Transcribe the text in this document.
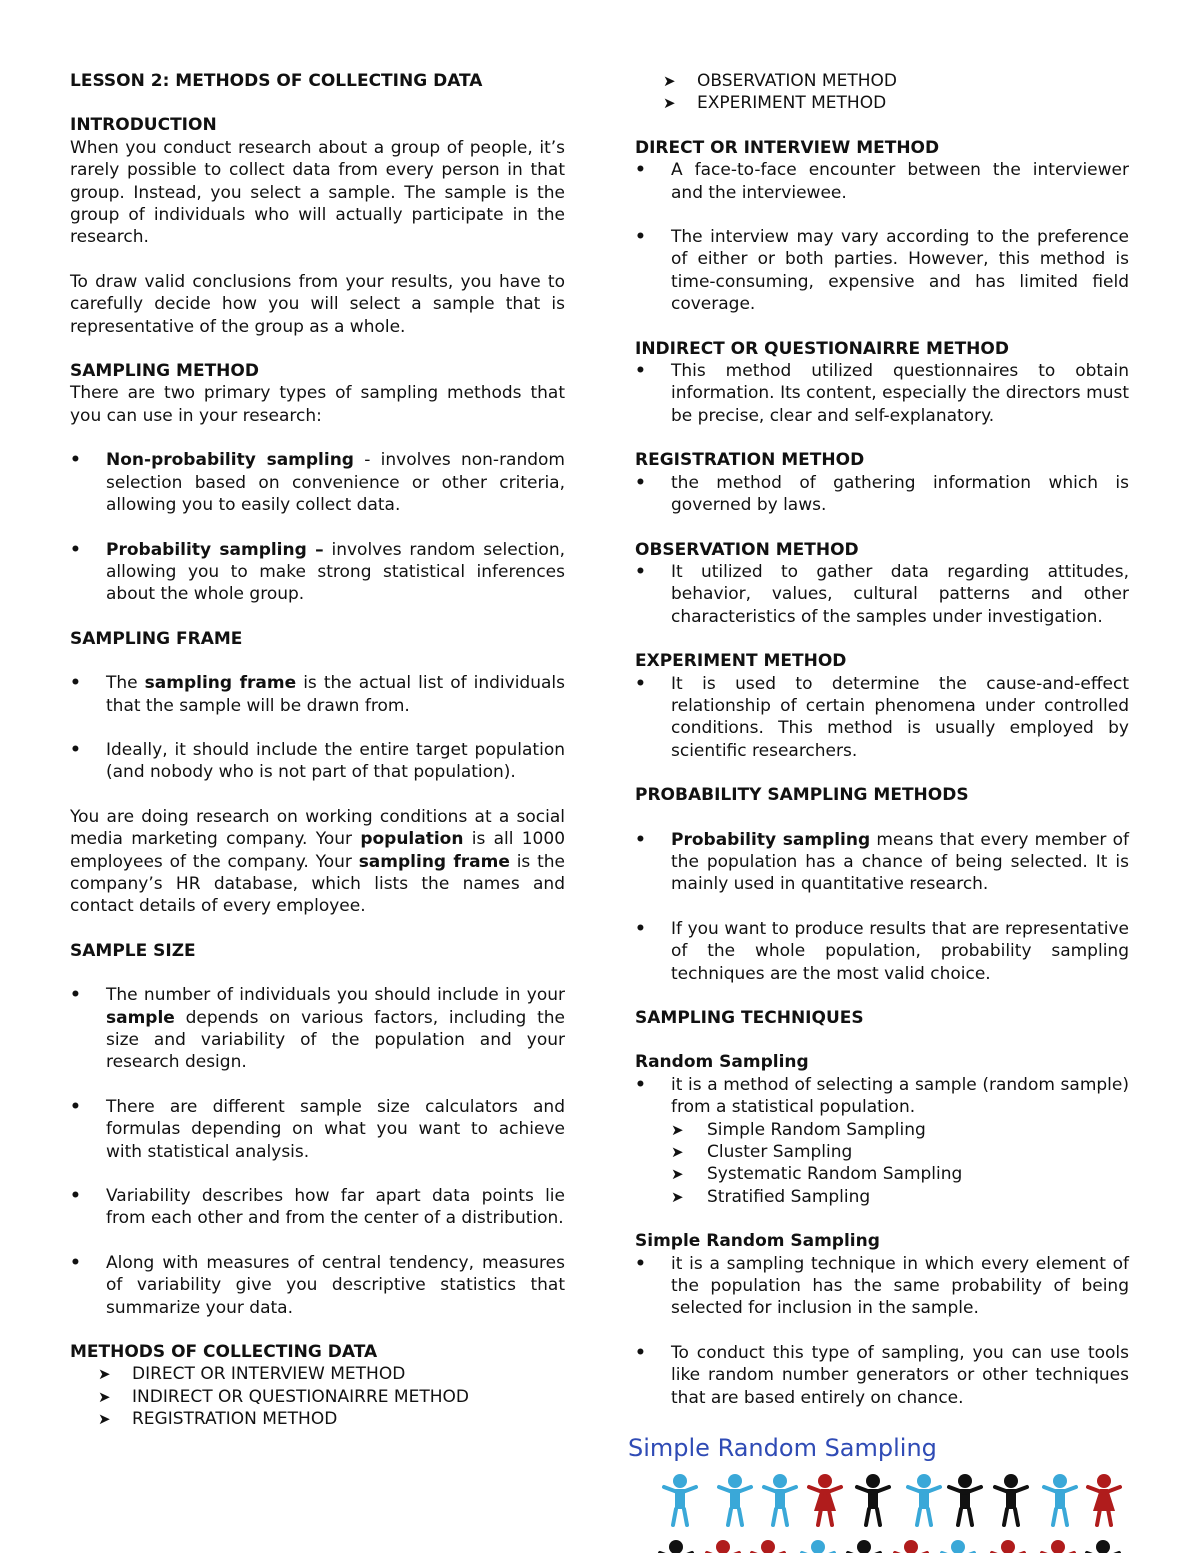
LESSON 2: METHODS OF COLLECTING DATA

INTRODUCTION

When you conduct research about a group of people, it’s rarely possible to collect data from every person in that group. Instead, you select a sample. The sample is the group of individuals who will actually participate in the research.

To draw valid conclusions from your results, you have to carefully decide how you will select a sample that is representative of the group as a whole.

SAMPLING METHOD

There are two primary types of sampling methods that you can use in your research:

• Non-probability sampling - involves non-random selection based on convenience or other criteria, allowing you to easily collect data.
• Probability sampling – involves random selection, allowing you to make strong statistical inferences about the whole group.

SAMPLING FRAME

• The sampling frame is the actual list of individuals that the sample will be drawn from.
• Ideally, it should include the entire target population (and nobody who is not part of that population).

You are doing research on working conditions at a social media marketing company. Your population is all 1000 employees of the company. Your sampling frame is the company’s HR database, which lists the names and contact details of every employee.

SAMPLE SIZE

• The number of individuals you should include in your sample depends on various factors, including the size and variability of the population and your research design.
• There are different sample size calculators and formulas depending on what you want to achieve with statistical analysis.
• Variability describes how far apart data points lie from each other and from the center of a distribution.
• Along with measures of central tendency, measures of variability give you descriptive statistics that summarize your data.

METHODS OF COLLECTING DATA

➤ DIRECT OR INTERVIEW METHOD
➤ INDIRECT OR QUESTIONAIRRE METHOD
➤ REGISTRATION METHOD
➤ OBSERVATION METHOD
➤ EXPERIMENT METHOD

DIRECT OR INTERVIEW METHOD

• A face-to-face encounter between the interviewer and the interviewee.
• The interview may vary according to the preference of either or both parties. However, this method is time-consuming, expensive and has limited field coverage.

INDIRECT OR QUESTIONAIRRE METHOD

• This method utilized questionnaires to obtain information. Its content, especially the directors must be precise, clear and self-explanatory.

REGISTRATION METHOD

• the method of gathering information which is governed by laws.

OBSERVATION METHOD

• It utilized to gather data regarding attitudes, behavior, values, cultural patterns and other characteristics of the samples under investigation.

EXPERIMENT METHOD

• It is used to determine the cause-and-effect relationship of certain phenomena under controlled conditions. This method is usually employed by scientific researchers.

PROBABILITY SAMPLING METHODS

• Probability sampling means that every member of the population has a chance of being selected. It is mainly used in quantitative research.
• If you want to produce results that are representative of the whole population, probability sampling techniques are the most valid choice.

SAMPLING TECHNIQUES

Random Sampling

• it is a method of selecting a sample (random sample) from a statistical population.
➤ Simple Random Sampling
➤ Cluster Sampling
➤ Systematic Random Sampling
➤ Stratified Sampling

Simple Random Sampling

• it is a sampling technique in which every element of the population has the same probability of being selected for inclusion in the sample.
• To conduct this type of sampling, you can use tools like random number generators or other techniques that are based entirely on chance.
Simple Random Sampling
